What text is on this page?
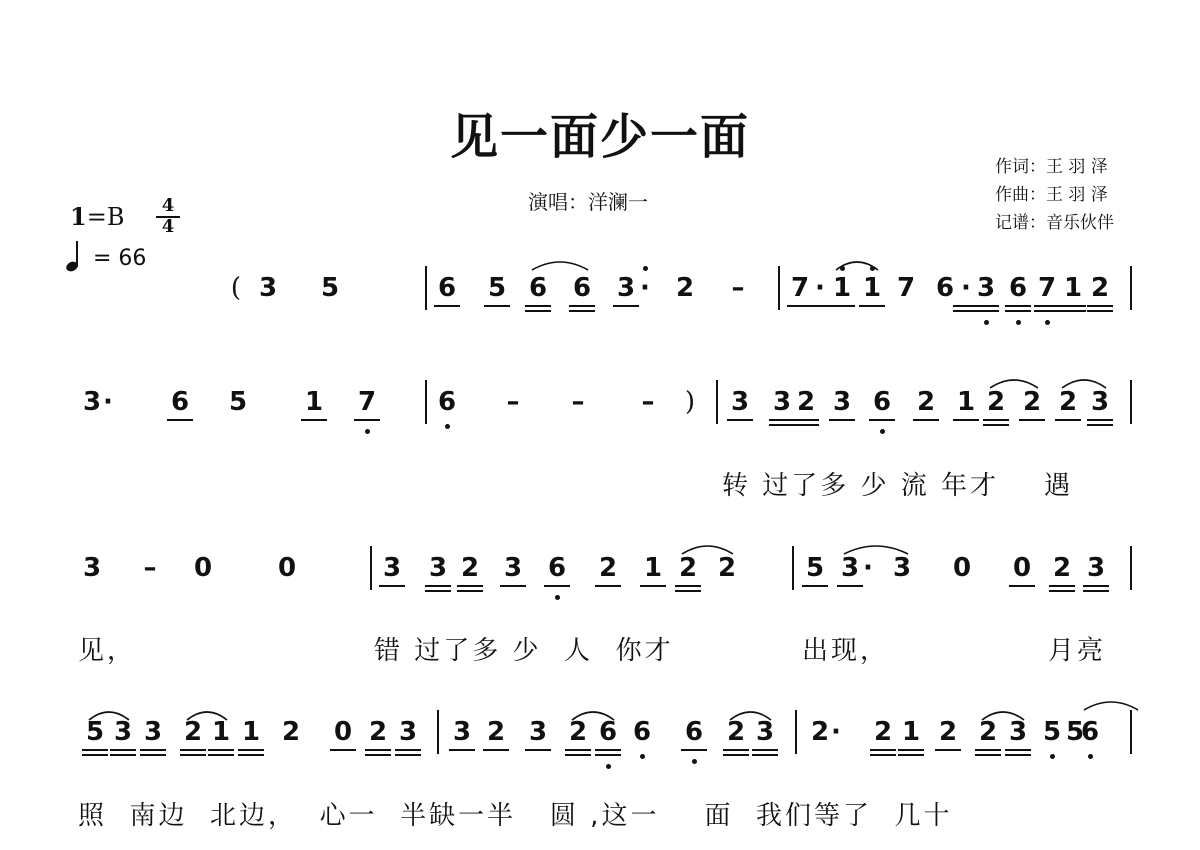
见一面少一面
演唱：洋澜一
作词：王 羽 泽
作曲：王 羽 泽
记谱：音乐伙伴
1=B	4
4
= 66
( 3 5	6 5 6 6 3 · 2 – 7 · 1 1 7 6 · 3 6 7 1 2
3 · 6 5 1 7 6 – – – ) 3 3 2 3 6 2 1 2 2 2 3
3 – 0	0	3 3 2 3 6 2 1 2 2	5 3 · 3 0 0 2 3
5 3 3 2 1 1 2 0 2 3 3 2 3 2 6 6 6 2 3 2 · 2 1 2 2 3 5 5
6
转 过了多 少 流 年才    遇
见，	错 过了多 少  人  你才	出现，	月亮
照  南边  北边，  心一  半缺一半   圆 ,这一    面  我们等了  几十
